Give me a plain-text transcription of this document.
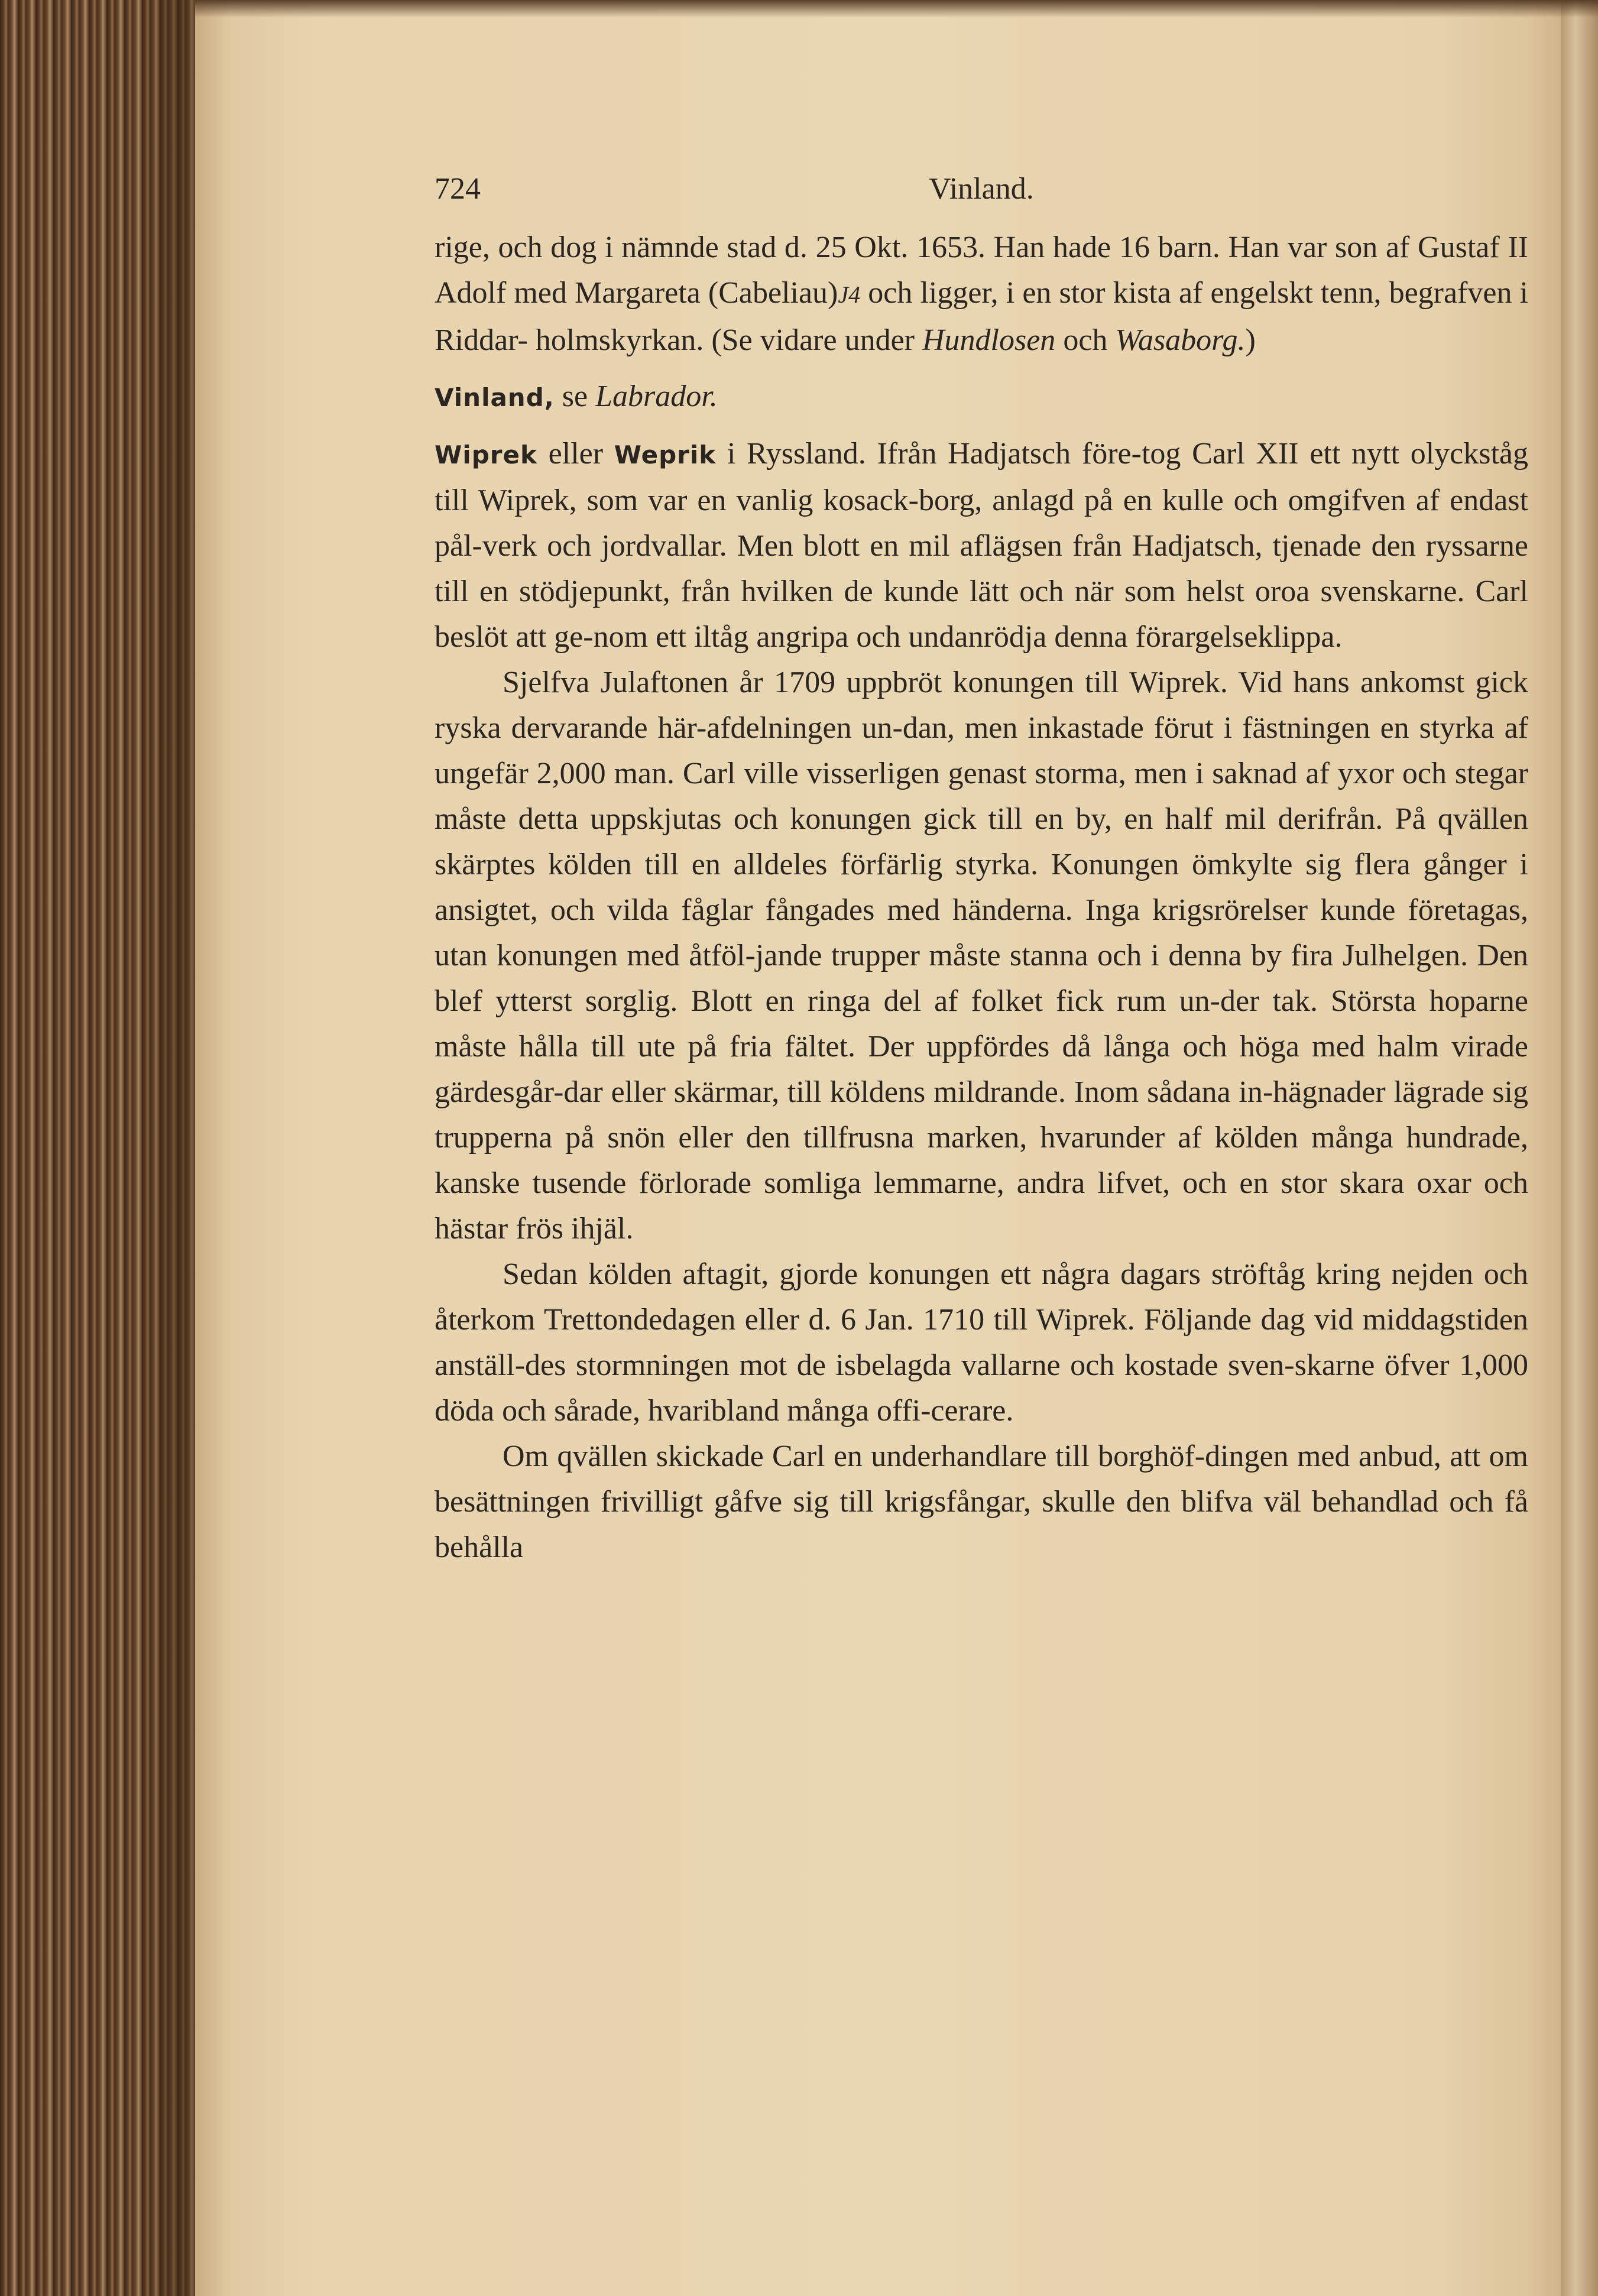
724	Vinland.

rige, och dog i nämnde stad d. 25 Okt. 1653. Han hade 16 barn. Han var son af Gustaf II Adolf med Margareta (Cabeliau)J4 och ligger, i en stor kista af engelskt tenn, begrafven i Riddar- holmskyrkan. (Se vidare under Hundlosen och Wasaborg.)

Vinland, se Labrador.

Wiprek eller Weprik i Ryssland. Ifrån Hadjatsch före-tog Carl XII ett nytt olyckståg till Wiprek, som var en vanlig kosack-borg, anlagd på en kulle och omgifven af endast pål-verk och jordvallar. Men blott en mil aflägsen från Hadjatsch, tjenade den ryssarne till en stödjepunkt, från hvilken de kunde lätt och när som helst oroa svenskarne. Carl beslöt att ge-nom ett iltåg angripa och undanrödja denna förargelseklippa.

Sjelfva Julaftonen år 1709 uppbröt konungen till Wiprek. Vid hans ankomst gick ryska dervarande här-afdelningen un-dan, men inkastade förut i fästningen en styrka af ungefär 2,000 man. Carl ville visserligen genast storma, men i saknad af yxor och stegar måste detta uppskjutas och konungen gick till en by, en half mil derifrån. På qvällen skärptes kölden till en alldeles förfärlig styrka. Konungen ömkylte sig flera gånger i ansigtet, och vilda fåglar fångades med händerna. Inga krigsrörelser kunde företagas, utan konungen med åtföl-jande trupper måste stanna och i denna by fira Julhelgen. Den blef ytterst sorglig. Blott en ringa del af folket fick rum un-der tak. Största hoparne måste hålla till ute på fria fältet. Der uppfördes då långa och höga med halm virade gärdesgår-dar eller skärmar, till köldens mildrande. Inom sådana in-hägnader lägrade sig trupperna på snön eller den tillfrusna marken, hvarunder af kölden många hundrade, kanske tusende förlorade somliga lemmarne, andra lifvet, och en stor skara oxar och hästar frös ihjäl.

Sedan kölden aftagit, gjorde konungen ett några dagars ströftåg kring nejden och återkom Trettondedagen eller d. 6 Jan. 1710 till Wiprek. Följande dag vid middagstiden anställ-des stormningen mot de isbelagda vallarne och kostade sven-skarne öfver 1,000 döda och sårade, hvaribland många offi-cerare.

Om qvällen skickade Carl en underhandlare till borghöf-dingen med anbud, att om besättningen frivilligt gåfve sig till krigsfångar, skulle den blifva väl behandlad och få behålla
